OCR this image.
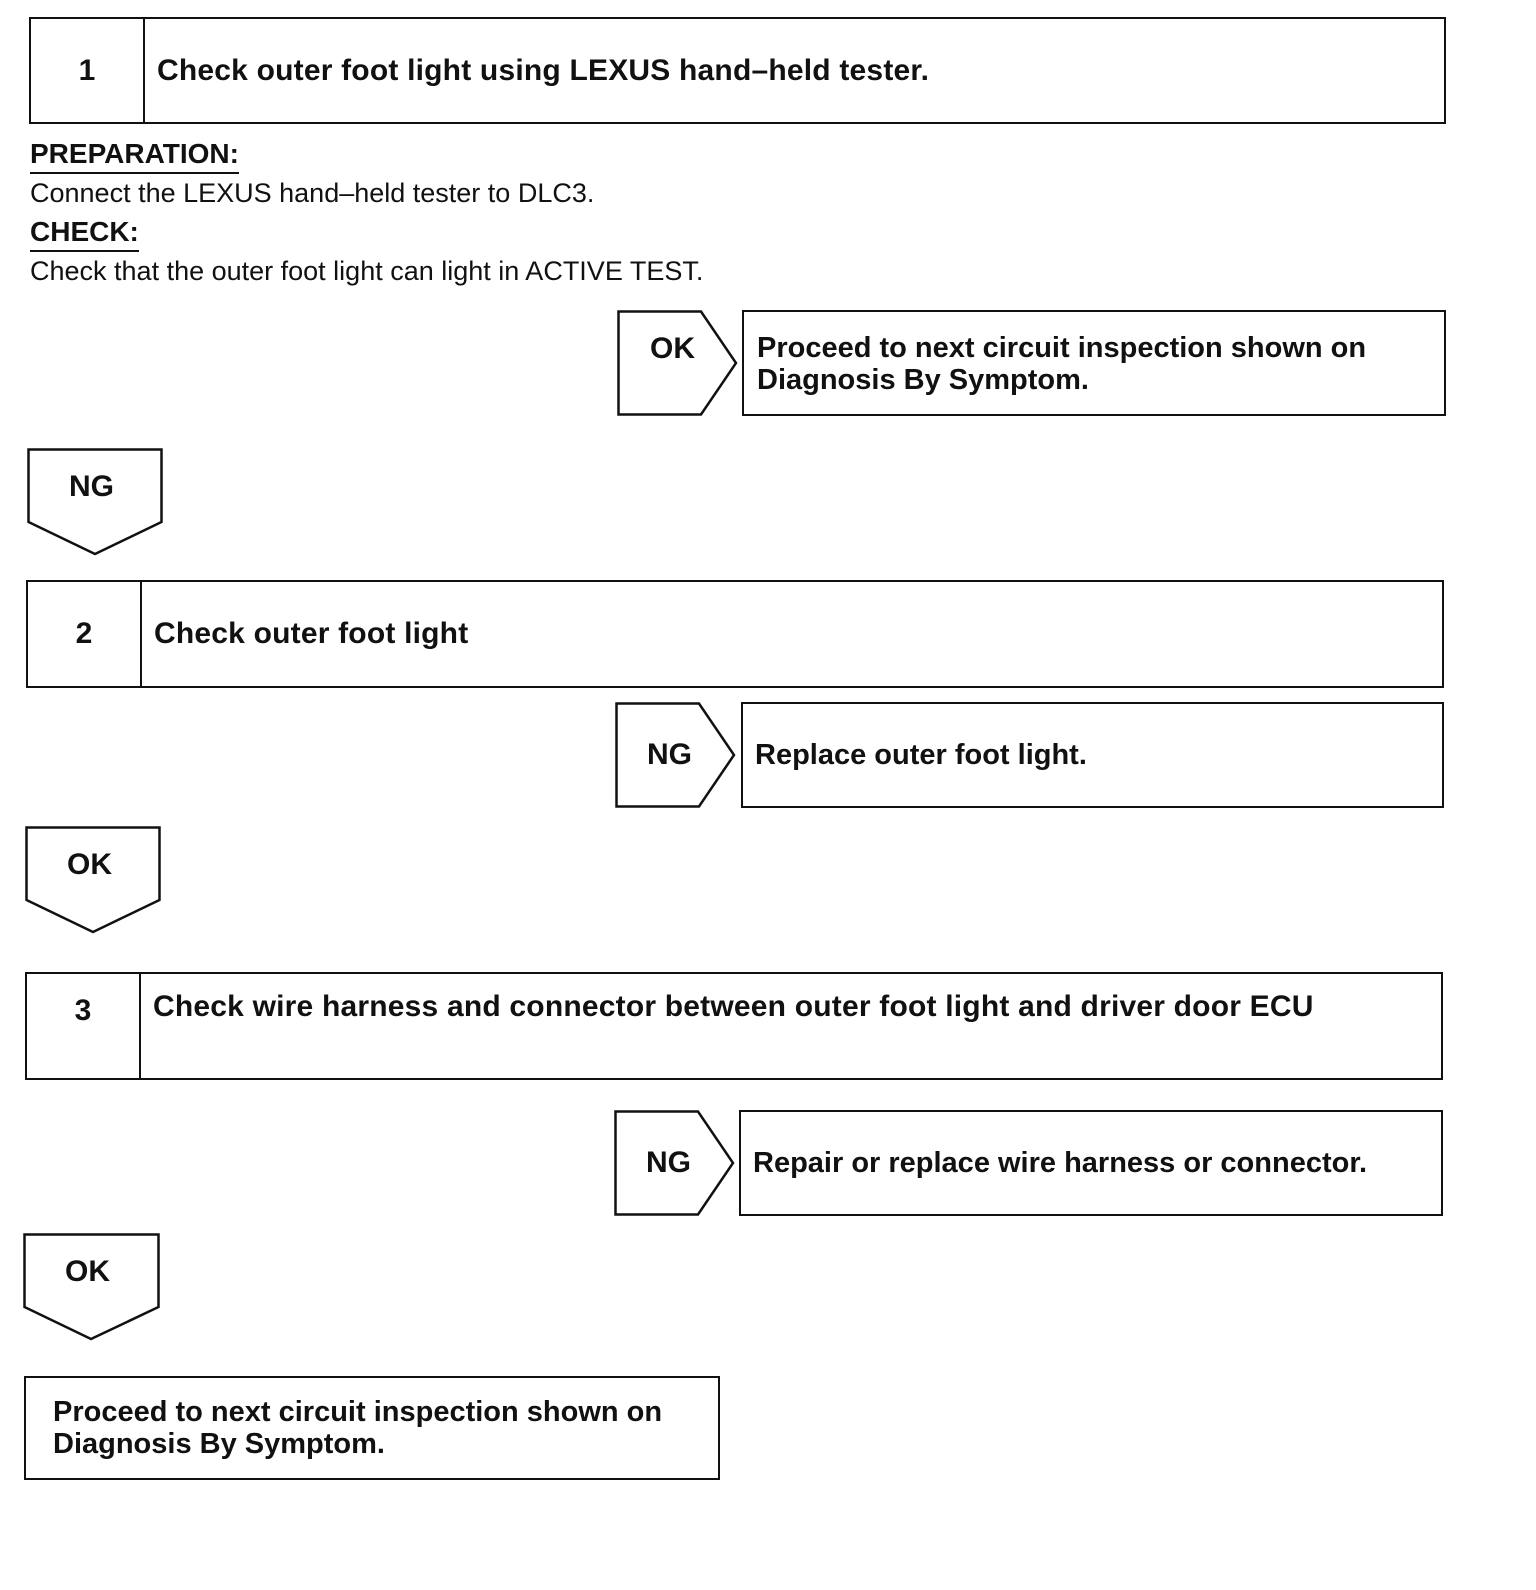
1	Check outer foot light using LEXUS hand–held tester.
PREPARATION:
Connect the LEXUS hand–held tester to DLC3.
CHECK:
Check that the outer foot light can light in ACTIVE TEST.
OK Proceed to next circuit inspection shown on
Diagnosis By Symptom.
NG
2	Check outer foot light
NG Replace outer foot light.
OK
3	Check wire harness and connector between outer foot light and driver door ECU
NG Repair or replace wire harness or connector.
OK
Proceed to next circuit inspection shown on
Diagnosis By Symptom.
